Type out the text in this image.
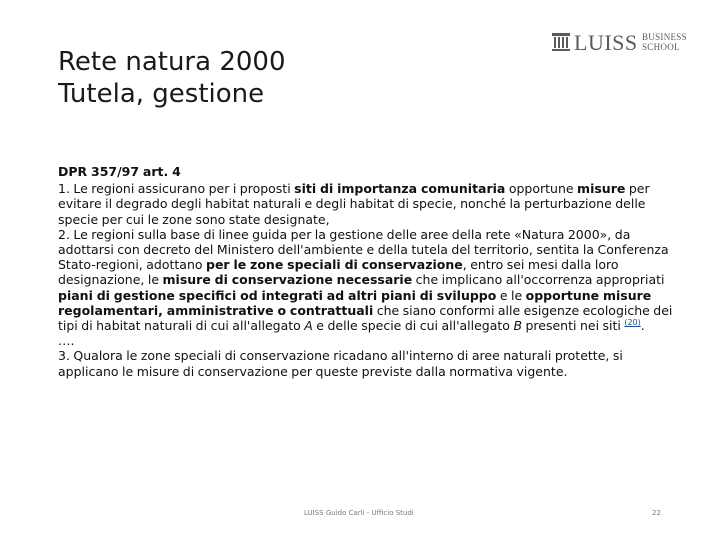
Rete natura 2000
Tutela, gestione
LUISS BUSINESS
SCHOOL

DPR 357/97 art. 4

1. Le regioni assicurano per i proposti siti di importanza comunitaria opportune misure per evitare il degrado degli habitat naturali e degli habitat di specie, nonché la perturbazione delle specie per cui le zone sono state designate,

2. Le regioni sulla base di linee guida per la gestione delle aree della rete «Natura 2000», da adottarsi con decreto del Ministero dell'ambiente e della tutela del territorio, sentita la Conferenza Stato-regioni, adottano per le zone speciali di conservazione, entro sei mesi dalla loro designazione, le misure di conservazione necessarie che implicano all'occorrenza appropriati piani di gestione specifici od integrati ad altri piani di sviluppo e le opportune misure regolamentari, amministrative o contrattuali che siano conformi alle esigenze ecologiche dei tipi di habitat naturali di cui all'allegato A e delle specie di cui all'allegato B presenti nei siti $^{(20)}$.

….

3. Qualora le zone speciali di conservazione ricadano all'interno di aree naturali protette, si applicano le misure di conservazione per queste previste dalla normativa vigente.

LUISS Guido Carli - Ufficio Studi	22
